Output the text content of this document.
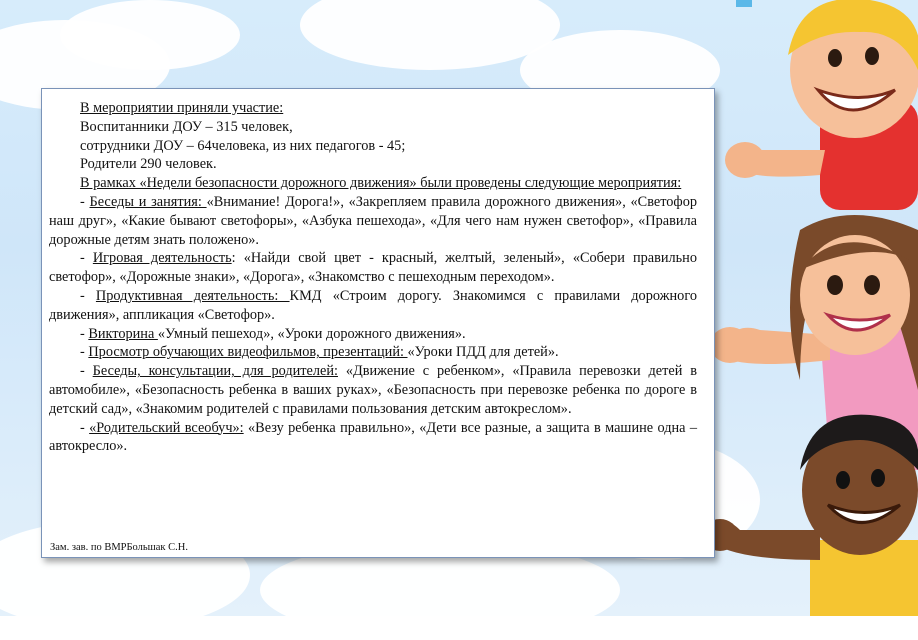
В мероприятии приняли участие:

Воспитанники ДОУ – 315 человек,

сотрудники ДОУ – 64человека, из них педагогов - 45;

Родители 290 человек.

В рамках «Недели безопасности дорожного движения» были проведены следующие мероприятия:

- Беседы и занятия: «Внимание! Дорога!», «Закрепляем правила дорожного движения», «Светофор наш друг», «Какие бывают светофоры», «Азбука пешехода», «Для чего нам нужен светофор», «Правила дорожные детям знать положено».

- Игровая деятельность: «Найди свой цвет - красный, желтый, зеленый», «Собери правильно светофор», «Дорожные знаки», «Дорога», «Знакомство с пешеходным переходом».

- Продуктивная деятельность: КМД «Строим дорогу. Знакомимся с правилами дорожного движения», аппликация «Светофор».

- Викторина «Умный пешеход», «Уроки дорожного движения».

- Просмотр обучающих видеофильмов, презентаций: «Уроки ПДД для детей».

- Беседы, консультации, для родителей: «Движение с ребенком», «Правила перевозки детей в автомобиле», «Безопасность ребенка в ваших руках», «Безопасность при перевозке ребенка по дороге в детский сад», «Знакомим родителей с правилами пользования детским автокреслом».

- «Родительский всеобуч»: «Везу ребенка правильно», «Дети все разные, а защита в машине одна – автокресло».

Зам. зав. по ВМРБольшак С.Н.
